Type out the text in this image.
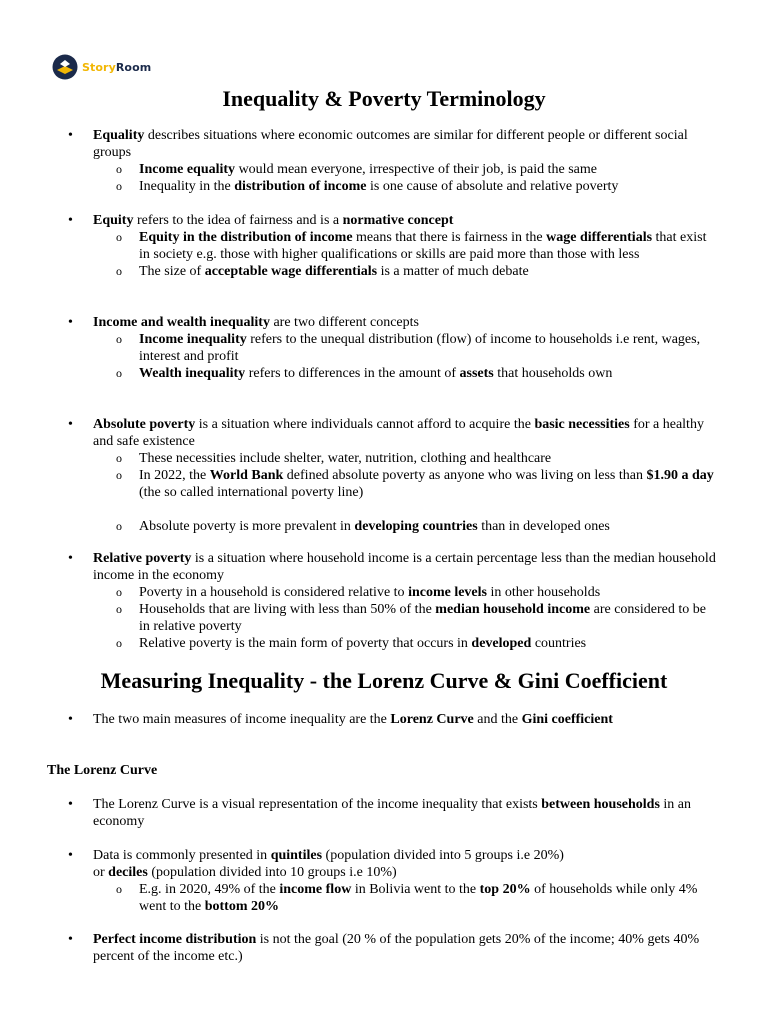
StoryRoom
Inequality & Poverty Terminology
• Equality describes situations where economic outcomes are similar for different people or different social groups
o Income equality would mean everyone, irrespective of their job, is paid the same
o Inequality in the distribution of income is one cause of absolute and relative poverty
• Equity refers to the idea of fairness and is a normative concept
o Equity in the distribution of income means that there is fairness in the wage differentials that exist in society e.g. those with higher qualifications or skills are paid more than those with less
o The size of acceptable wage differentials is a matter of much debate
• Income and wealth inequality are two different concepts
o Income inequality refers to the unequal distribution (flow) of income to households i.e rent, wages, interest and profit
o Wealth inequality refers to differences in the amount of assets that households own
• Absolute poverty is a situation where individuals cannot afford to acquire the basic necessities for a healthy and safe existence
o These necessities include shelter, water, nutrition, clothing and healthcare
o In 2022, the World Bank defined absolute poverty as anyone who was living on less than $1.90 a day (the so called international poverty line)
o Absolute poverty is more prevalent in developing countries than in developed ones
• Relative poverty is a situation where household income is a certain percentage less than the median household income in the economy
o Poverty in a household is considered relative to income levels in other households
o Households that are living with less than 50% of the median household income are considered to be in relative poverty
o Relative poverty is the main form of poverty that occurs in developed countries
Measuring Inequality - the Lorenz Curve & Gini Coefficient
• The two main measures of income inequality are the Lorenz Curve and the Gini coefficient
The Lorenz Curve
• The Lorenz Curve is a visual representation of the income inequality that exists between households in an economy
• Data is commonly presented in quintiles (population divided into 5 groups i.e 20%)
or deciles (population divided into 10 groups i.e 10%)
o E.g. in 2020, 49% of the income flow in Bolivia went to the top 20% of households while only 4% went to the bottom 20%
• Perfect income distribution is not the goal (20 % of the population gets 20% of the income; 40% gets 40% percent of the income etc.)
